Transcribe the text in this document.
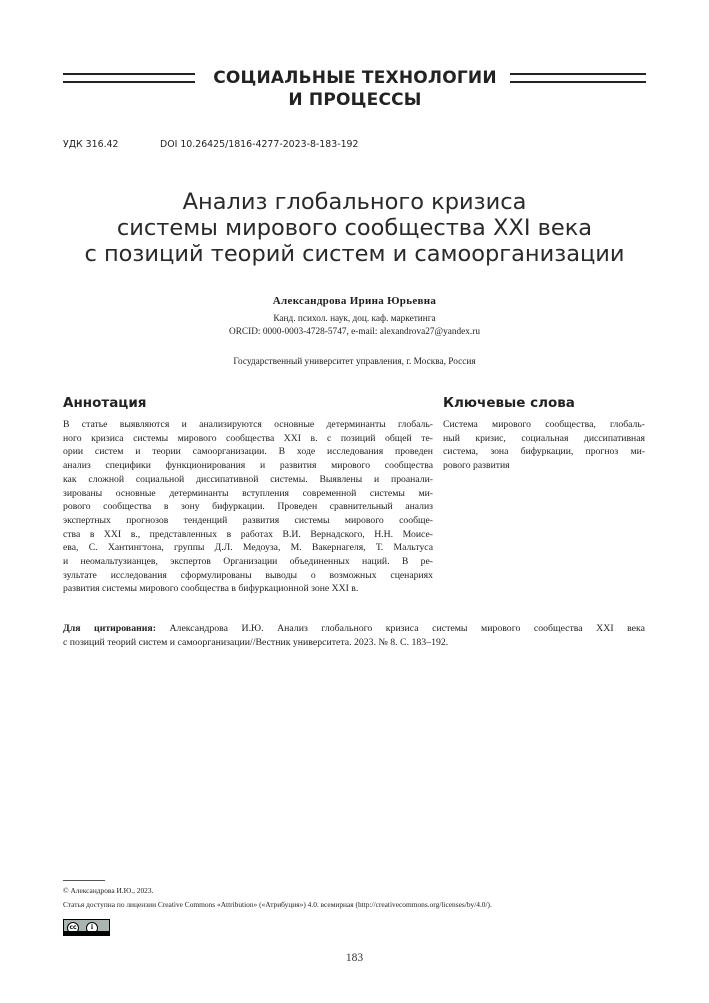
СОЦИАЛЬНЫЕ ТЕХНОЛОГИИ
И ПРОЦЕССЫ
УДК 316.42	DOI 10.26425/1816-4277-2023-8-183-192
Анализ глобального кризиса
системы мирового сообщества XXI века
с позиций теорий систем и самоорганизации
Александрова Ирина Юрьевна
Канд. психол. наук, доц. каф. маркетинга
ORCID: 0000-0003-4728-5747, e-mail: alexandrova27@yandex.ru
Государственный университет управления, г. Москва, Россия
Аннотация
В статье выявляются и анализируются основные детерминанты глобаль-
ного кризиса системы мирового сообщества XXI в. с позиций общей те-
ории систем и теории самоорганизации. В ходе исследования проведен
анализ специфики функционирования и развития мирового сообщества
как сложной социальной диссипативной системы. Выявлены и проанали-
зированы основные детерминанты вступления современной системы ми-
рового сообщества в зону бифуркации. Проведен сравнительный анализ
экспертных прогнозов тенденций развития системы мирового сообще-
ства в XXI в., представленных в работах В.И. Вернадского, Н.Н. Моисе-
ева, С. Хантингтона, группы Д.Л. Медоуза, М. Вакернагеля, Т. Мальтуса
и неомальтузианцев, экспертов Организации объединенных наций. В ре-
зультате исследования сформулированы выводы о возможных сценариях
развития системы мирового сообщества в бифуркационной зоне XXI в.
Ключевые слова
Система мирового сообщества, глобаль-
ный кризис, социальная диссипативная
система, зона бифуркации, прогноз ми-
рового развития
Для цитирования: Александрова И.Ю. Анализ глобального кризиса системы мирового сообщества XXI века
с позиций теорий систем и самоорганизации//Вестник университета. 2023. № 8. С. 183–192.
© Александрова И.Ю., 2023.
Статья доступна по лицензии Creative Commons «Attribution» («Атрибуция») 4.0. всемирная (http://creativecommons.org/licenses/by/4.0/).
cc	i
183
